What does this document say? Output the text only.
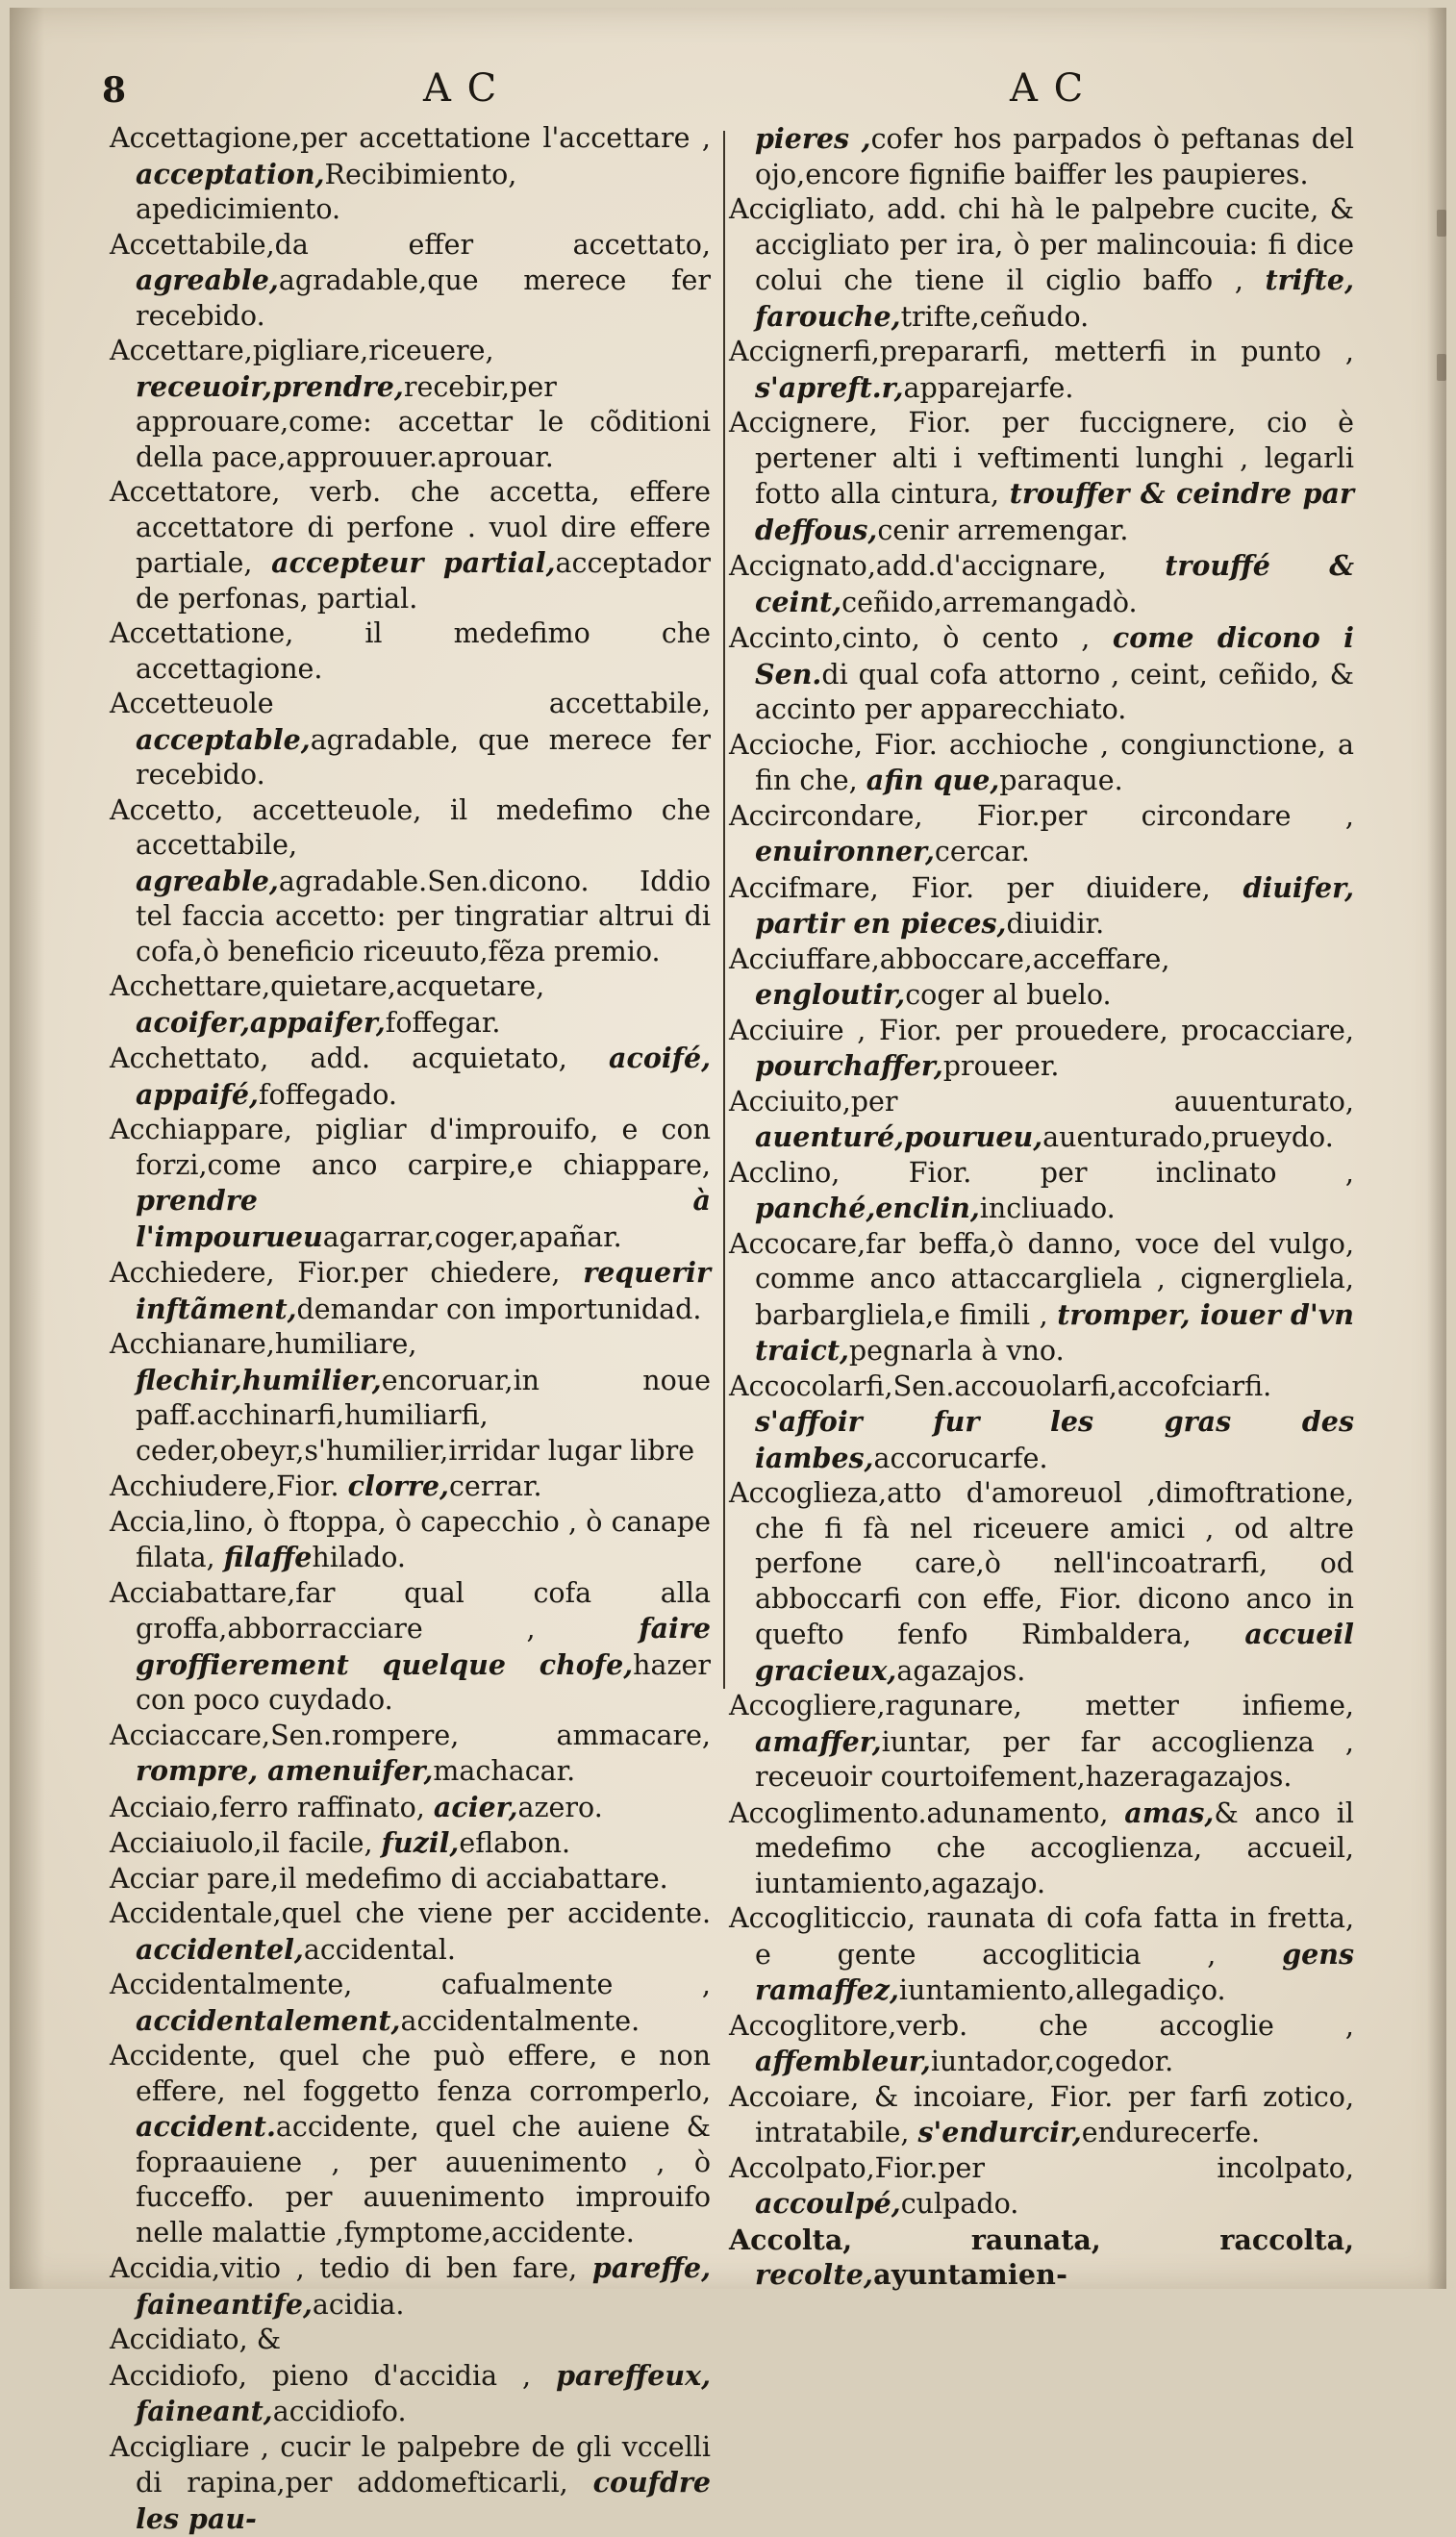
8	A C	A C

Accettagione,per accettatione l'accettare , acceptation,Recibimiento, apedicimiento.

Accettabile,da effer accettato, agreable,agradable,que merece fer recebido.

Accettare,pigliare,riceuere, receuoir,prendre,recebir,per approuare,come: accettar le cõditioni della pace,approuuer.aprouar.

Accettatore, verb. che accetta, effere accettatore di perfone . vuol dire effere partiale, accepteur partial,acceptador de perfonas, partial.

Accettatione, il medefimo che accettagione.

Accetteuole accettabile, acceptable,agradable, que merece fer recebido.

Accetto, accetteuole, il medefimo che accettabile, agreable,agradable.Sen.dicono. Iddio tel faccia accetto: per tingratiar altrui di cofa,ò beneficio riceuuto,fẽza premio.

Acchettare,quietare,acquetare, acoifer,appaifer,foffegar.

Acchettato, add. acquietato, acoifé, appaifé,foffegado.

Acchiappare, pigliar d'improuifo, e con forzi,come anco carpire,e chiappare, prendre à l'impourueuagarrar,coger,apañar.

Acchiedere, Fior.per chiedere, requerir inftãment,demandar con importunidad.

Acchianare,humiliare, flechir,humilier,encoruar,in noue paff.acchinarfi,humiliarfi, ceder,obeyr,s'humilier,irridar lugar libre

Acchiudere,Fior. clorre,cerrar.

Accia,lino, ò ftoppa, ò capecchio , ò canape filata, filaffehilado.

Acciabattare,far qual cofa alla groffa,abborracciare ,	faire groffierement quelque chofe,hazer con poco cuydado.

Acciaccare,Sen.rompere, ammacare, rompre, amenuifer,machacar.

Acciaio,ferro raffinato, acier,azero.

Acciaiuolo,il facile, fuzil,eflabon.

Acciar pare,il medefimo di acciabattare.

Accidentale,quel che viene per accidente. accidentel,accidental.

Accidentalmente, cafualmente , accidentalement,accidentalmente.

Accidente, quel che può effere, e non effere, nel foggetto fenza corromperlo, accident.accidente, quel che auiene & fopraauiene , per auuenimento , ò fucceffo. per auuenimento improuifo nelle malattie ,fymptome,accidente.

Accidia,vitio , tedio di ben fare, pareffe, faineantife,acidia.

Accidiato, &

Accidiofo, pieno d'accidia , pareffeux, faineant,accidiofo.

Accigliare , cucir le palpebre de gli vccelli di rapina,per addomefticarli, coufdre les pau-

pieres ,cofer hos parpados ò peftanas del ojo,encore fignifie baiffer les paupieres.

Accigliato, add. chi hà le palpebre cucite, & accigliato per ira, ò per malincouia: fi dice colui che tiene il ciglio baffo , trifte, farouche,trifte,ceñudo.

Accignerfi,prepararfi, metterfi in punto , s'apreft.r,apparejarfe.

Accignere, Fior. per fuccignere, cio è pertener alti i veftimenti lunghi , legarli fotto alla cintura, trouffer & ceindre par deffous,cenir arremengar.

Accignato,add.d'accignare, trouffé & ceint,ceñido,arremangadò.

Accinto,cinto, ò cento , come dicono i Sen.di qual cofa attorno , ceint, ceñido, & accinto per apparecchiato.

Accioche, Fior. acchioche , congiunctione, a fin che, afin que,paraque.

Accircondare, Fior.per circondare , enuironner,cercar.

Accifmare, Fior. per diuidere, diuifer, partir en pieces,diuidir.

Acciuffare,abboccare,acceffare, engloutir,coger al buelo.

Acciuire , Fior. per prouedere, procacciare, pourchaffer,proueer.

Acciuito,per auuenturato, auenturé,pourueu,auenturado,prueydo.

Acclino, Fior. per inclinato , panché,enclin,incliuado.

Accocare,far beffa,ò danno, voce del vulgo, comme anco attaccargliela , cignergliela, barbargliela,e fimili , tromper, iouer d'vn traict,pegnarla à vno.

Accocolarfi,Sen.accouolarfi,accofciarfi. s'affoir fur les gras des iambes,accorucarfe.

Accoglieza,atto d'amoreuol ,dimoftratione, che fi fà nel riceuere amici , od altre perfone care,ò nell'incoatrarfi, od abboccarfi con effe, Fior. dicono anco in quefto fenfo Rimbaldera, accueil gracieux,agazajos.

Accogliere,ragunare, metter infieme, amaffer,iuntar, per far accoglienza , receuoir courtoifement,hazeragazajos.

Accoglimento.adunamento, amas,& anco il medefimo che accoglienza, accueil, iuntamiento,agazajo.

Accogliticcio, raunata di cofa fatta in fretta, e gente accogliticia , gens ramaffez,iuntamiento,allegadiço.

Accoglitore,verb. che accoglie , affembleur,iuntador,cogedor.

Accoiare, & incoiare, Fior. per farfi zotico, intratabile, s'endurcir,endurecerfe.

Accolpato,Fior.per incolpato, accoulpé,culpado.

Accolta, raunata, raccolta, recolte,ayuntamien-
